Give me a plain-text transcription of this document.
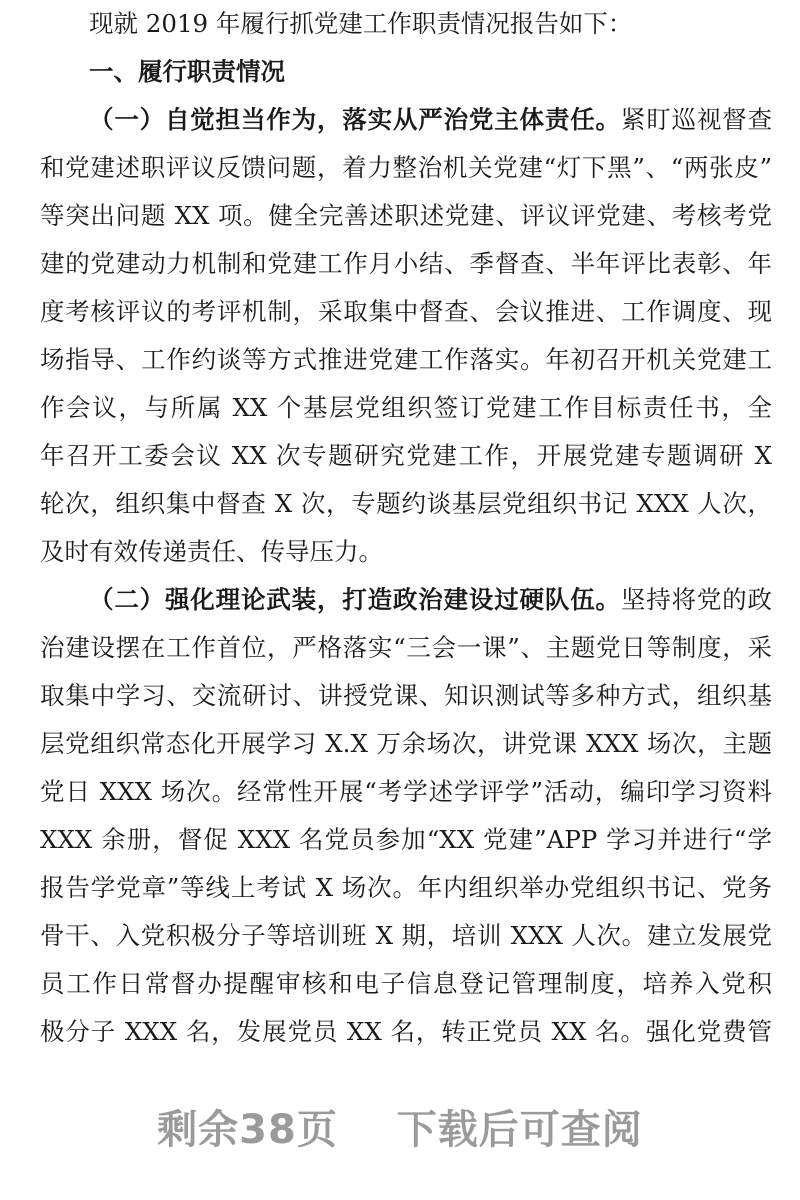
现就 2019 年履行抓党建工作职责情况报告如下：
一、履行职责情况
（一）自觉担当作为，落实从严治党主体责任。紧盯巡视督查
和党建述职评议反馈问题，着力整治机关党建“灯下黑”、“两张皮”
等突出问题 XX 项。健全完善述职述党建、评议评党建、考核考党
建的党建动力机制和党建工作月小结、季督查、半年评比表彰、年
度考核评议的考评机制，采取集中督查、会议推进、工作调度、现
场指导、工作约谈等方式推进党建工作落实。年初召开机关党建工
作会议，与所属 XX 个基层党组织签订党建工作目标责任书，全
年召开工委会议 XX 次专题研究党建工作，开展党建专题调研 X
轮次，组织集中督查 X 次，专题约谈基层党组织书记 XXX 人次，
及时有效传递责任、传导压力。
（二）强化理论武装，打造政治建设过硬队伍。坚持将党的政
治建设摆在工作首位，严格落实“三会一课”、主题党日等制度，采
取集中学习、交流研讨、讲授党课、知识测试等多种方式，组织基
层党组织常态化开展学习 X.X 万余场次，讲党课 XXX 场次，主题
党日 XXX 场次。经常性开展“考学述学评学”活动，编印学习资料
XXX 余册，督促 XXX 名党员参加“XX 党建”APP 学习并进行“学
报告学党章”等线上考试 X 场次。年内组织举办党组织书记、党务
骨干、入党积极分子等培训班 X 期，培训 XXX 人次。建立发展党
员工作日常督办提醒审核和电子信息登记管理制度，培养入党积
极分子 XXX 名，发展党员 XX 名，转正党员 XX 名。强化党费管
剩余38页 下载后可查阅
